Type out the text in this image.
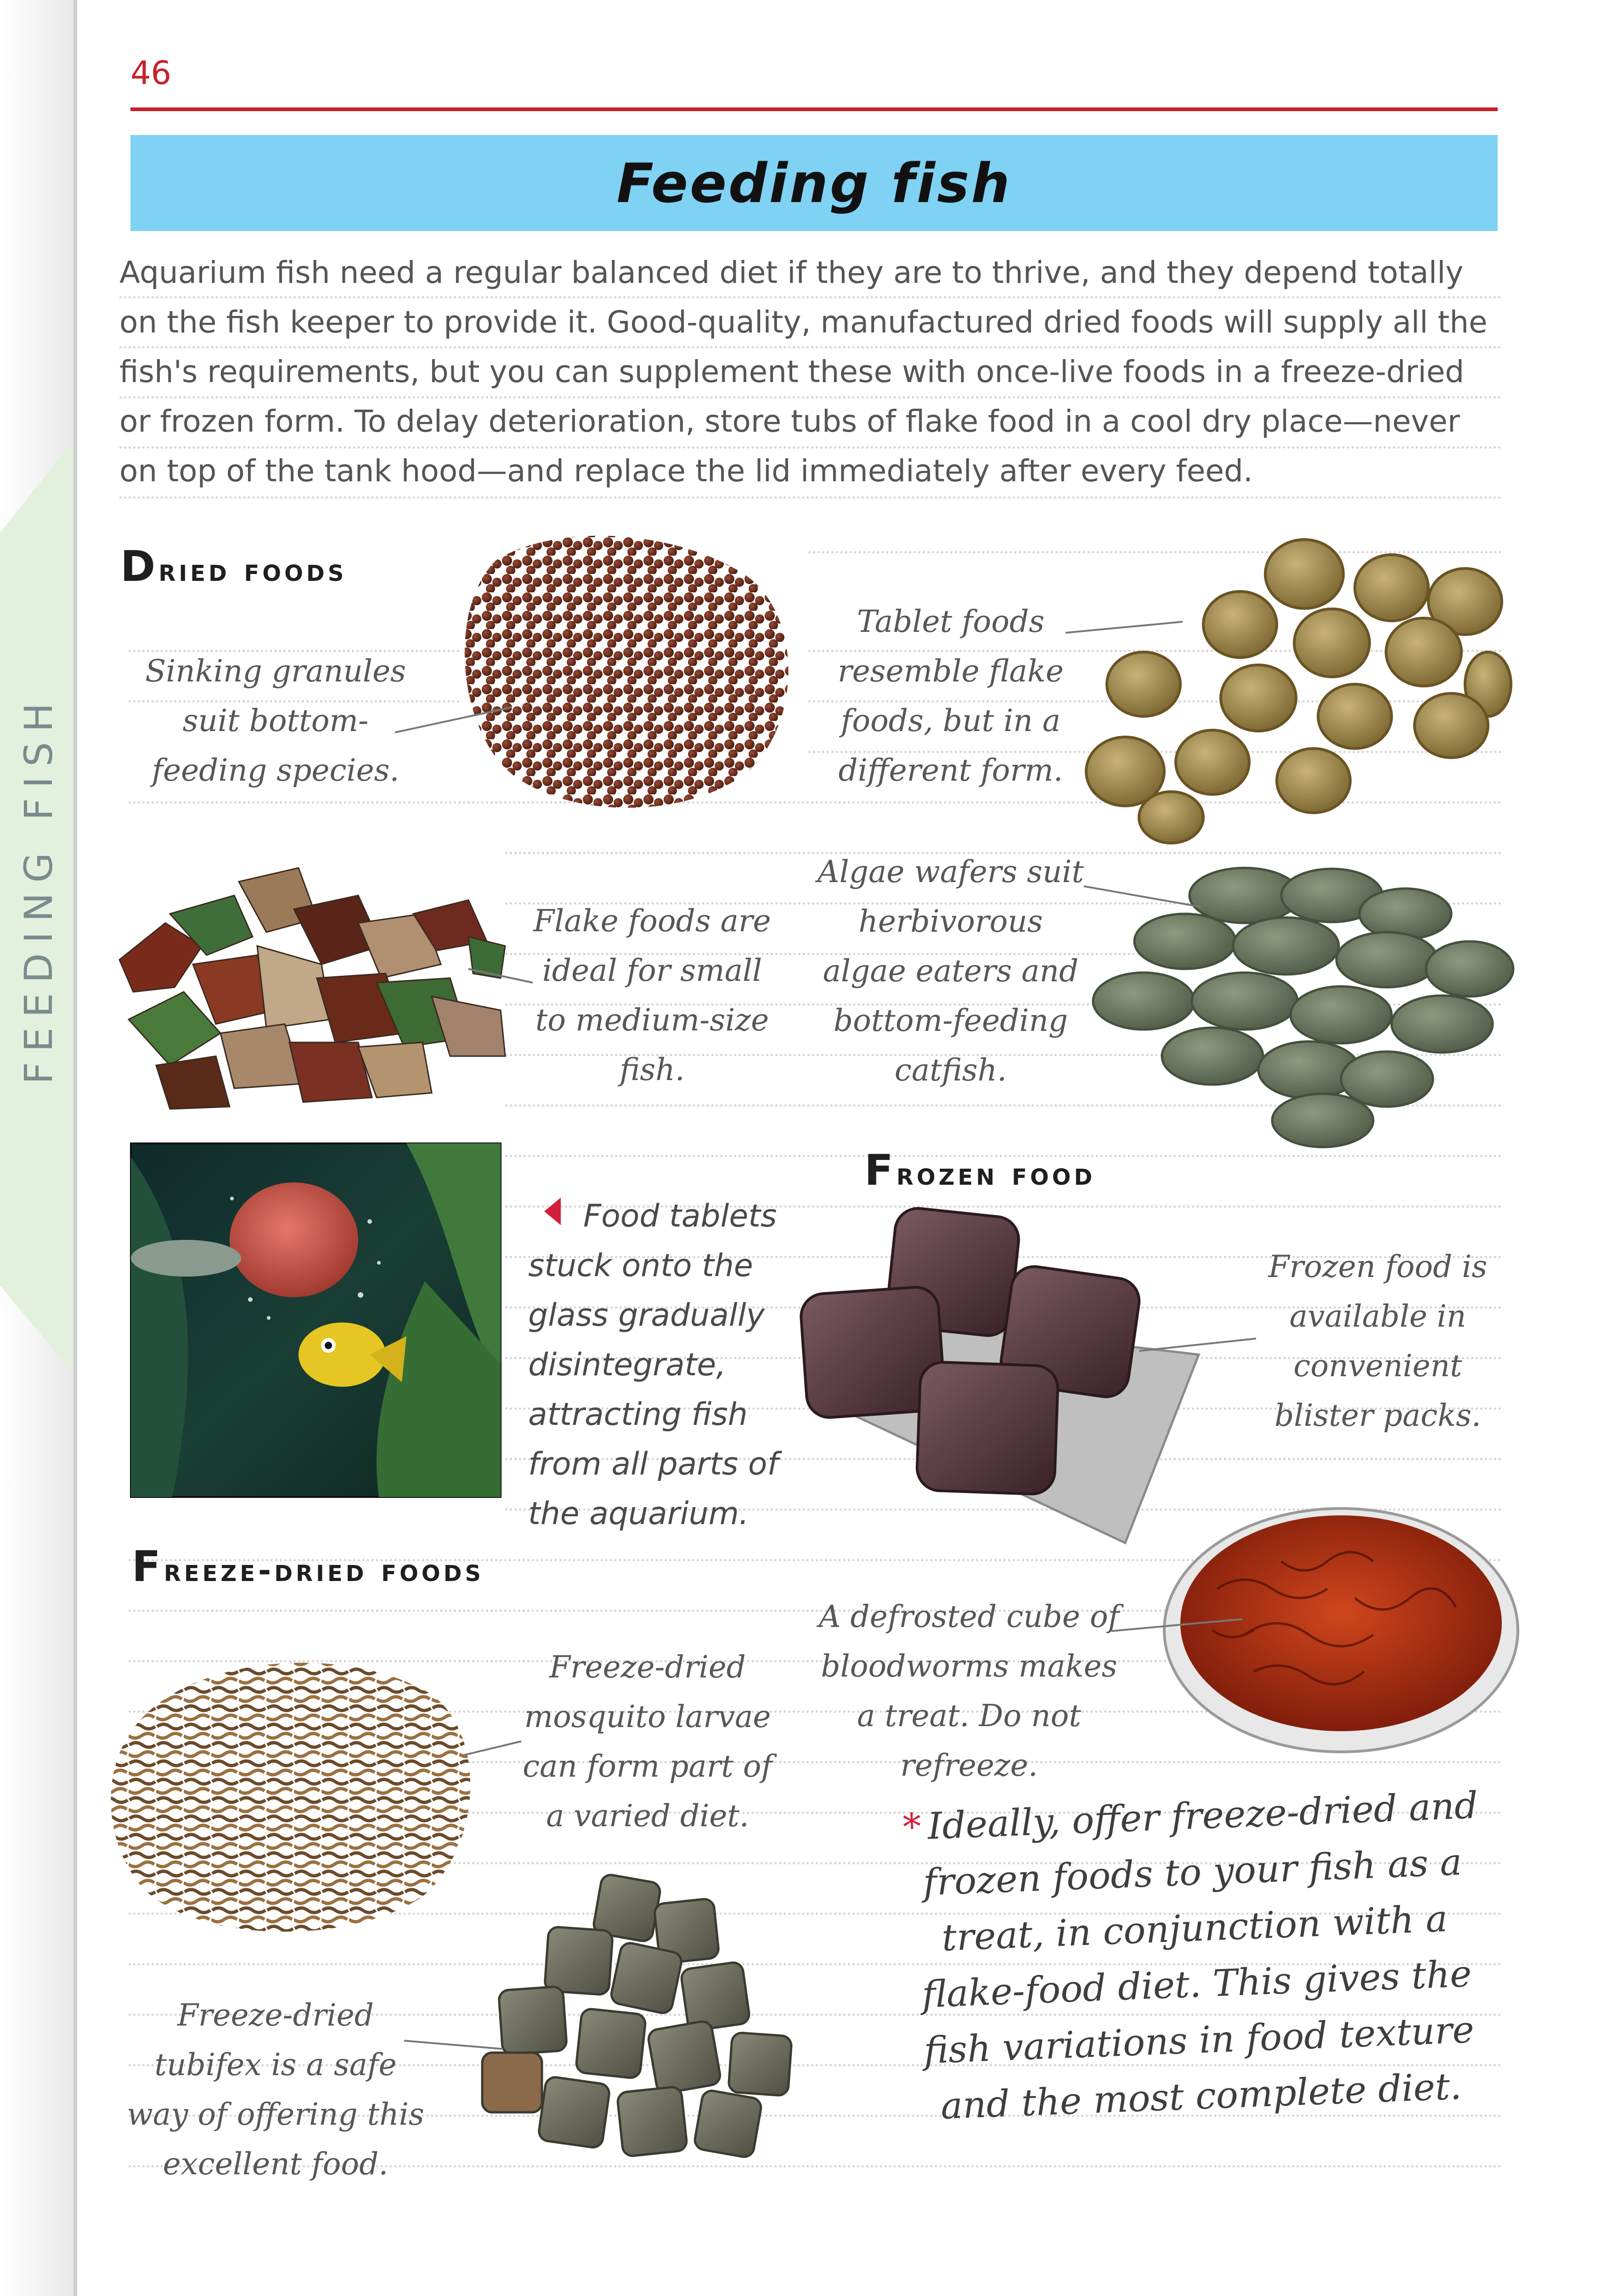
FEEDING FISH
46
Feeding fish

Aquarium fish need a regular balanced diet if they are to thrive, and they depend totally on the fish keeper to provide it. Good-quality, manufactured dried foods will supply all the fish's requirements, but you can supplement these with once-live foods in a freeze-dried or frozen form. To delay deterioration, store tubs of flake food in a cool dry place—never on top of the tank hood—and replace the lid immediately after every feed.

Dried foods

Sinking granules suit bottom-feeding species.

Tablet foods resemble flake foods, but in a different form.

Flake foods are ideal for small to medium-size fish.

Algae wafers suit herbivorous algae eaters and bottom-feeding catfish.

Food tablets stuck onto the glass gradually disintegrate, attracting fish from all parts of the aquarium.

Frozen food

Frozen food is available in convenient blister packs.

Freeze-dried foods

A defrosted cube of bloodworms makes a treat. Do not refreeze.

Freeze-dried mosquito larvae can form part of a varied diet.

Freeze-dried tubifex is a safe way of offering this excellent food.

* Ideally, offer freeze-dried and frozen foods to your fish as a treat, in conjunction with a flake-food diet. This gives the fish variations in food texture and the most complete diet.
